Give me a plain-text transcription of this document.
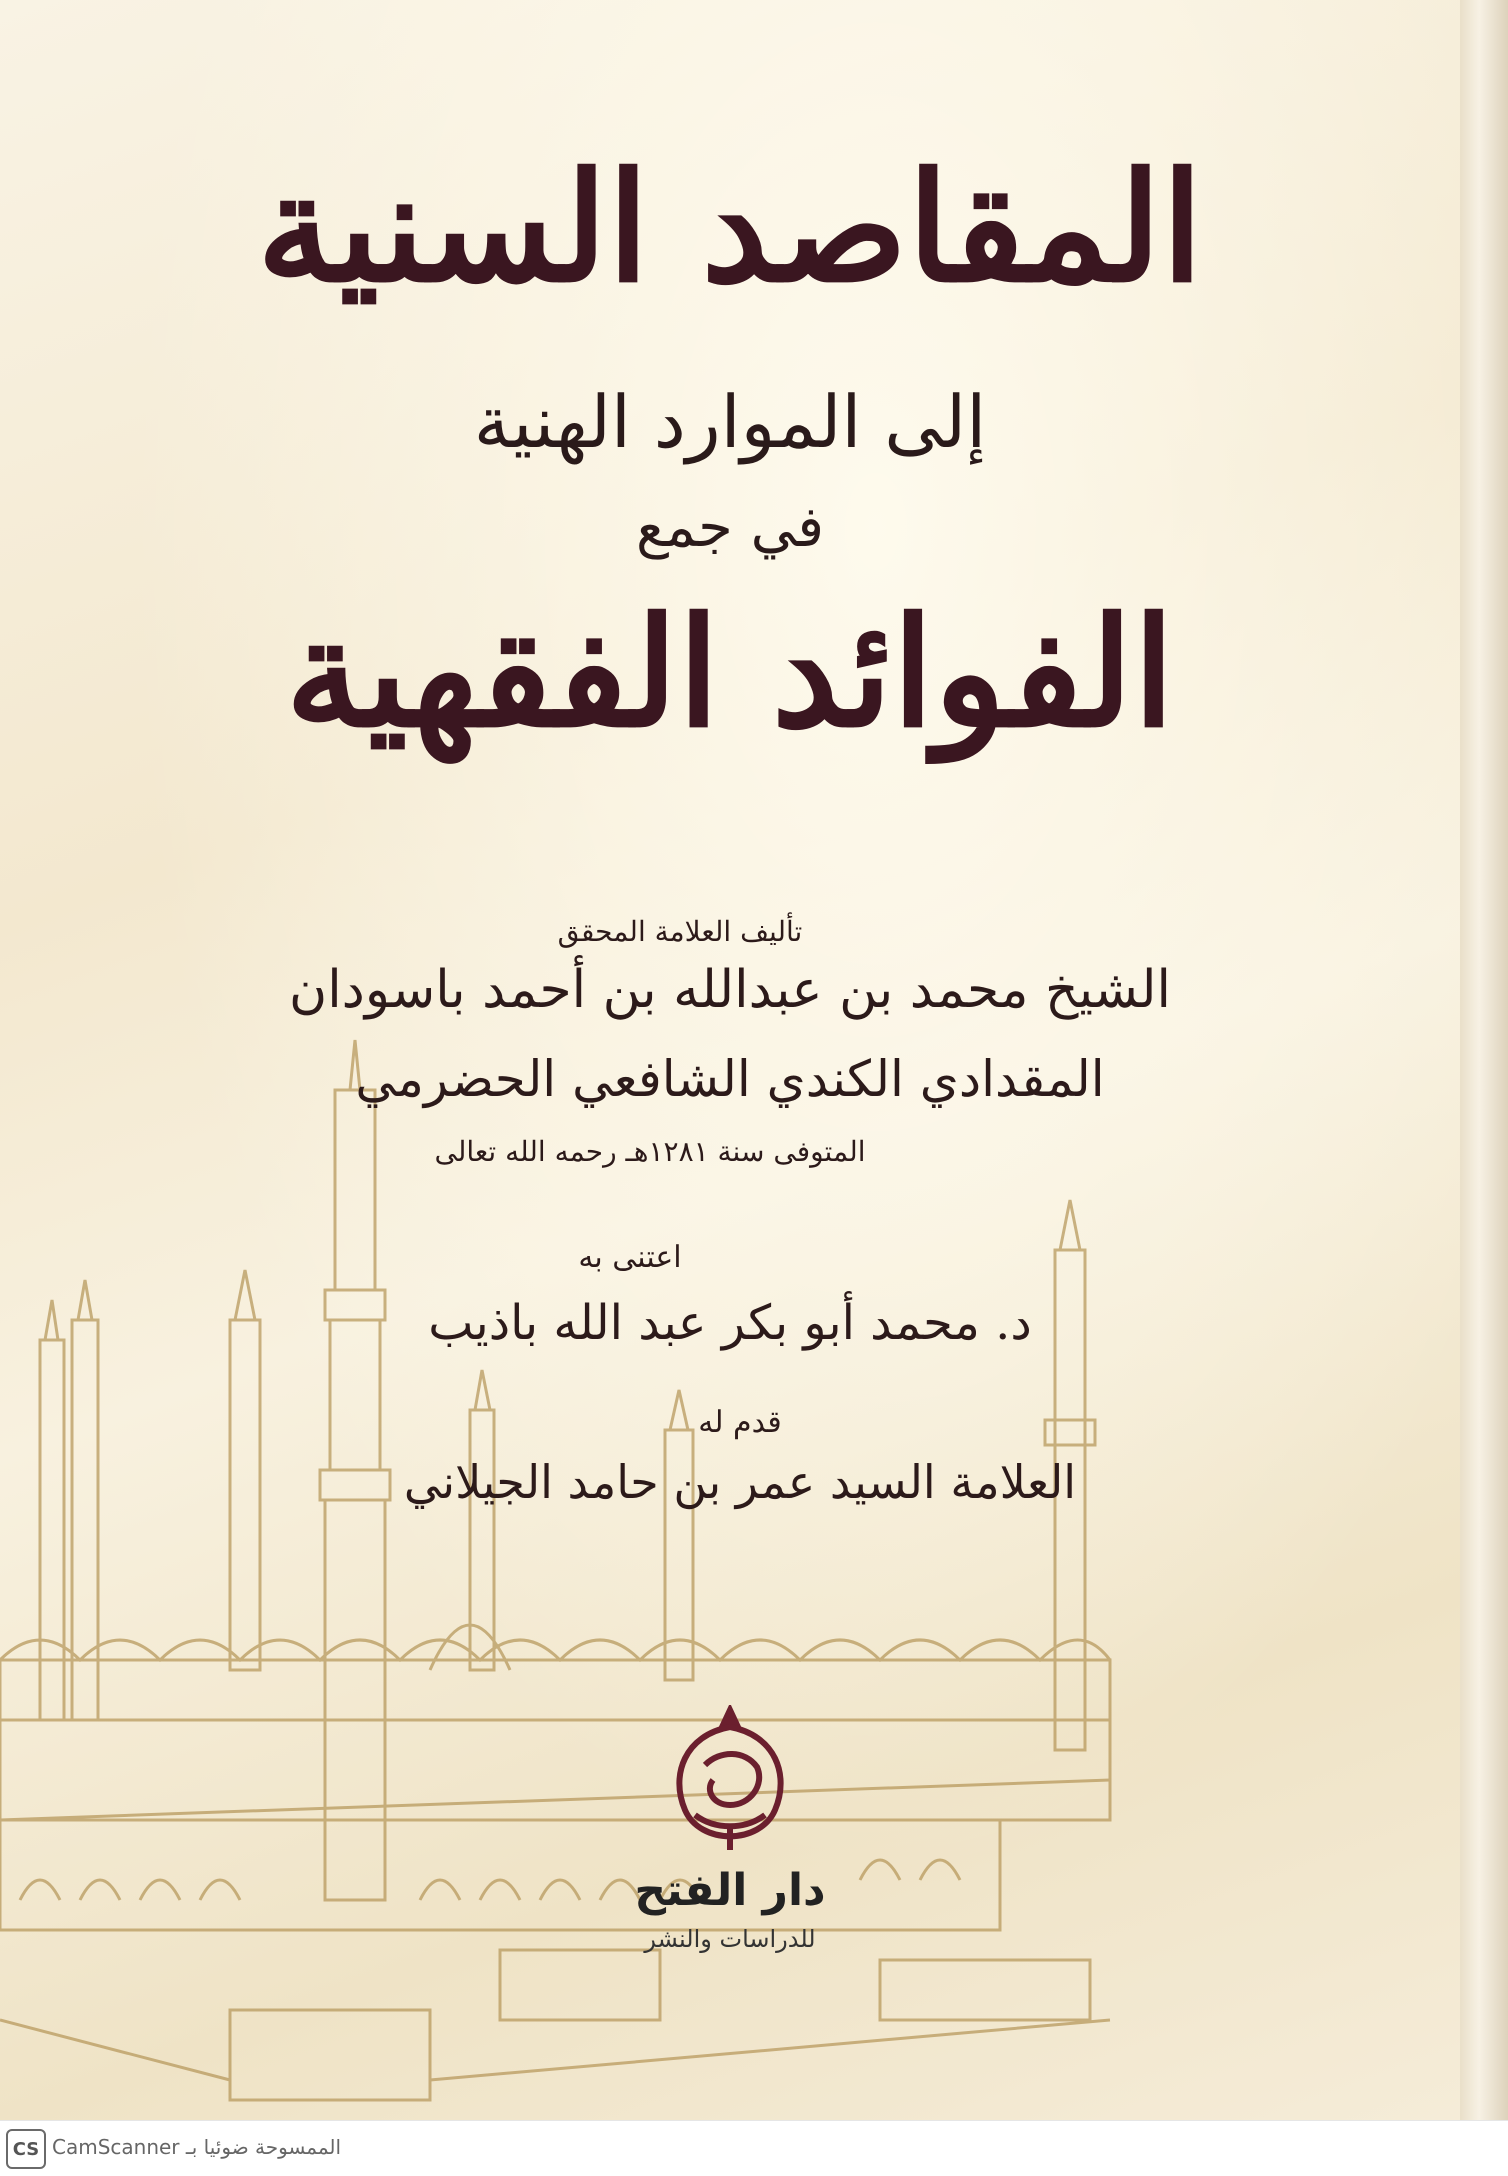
المقاصد السنية
إلى الموارد الهنية
في جمع
الفوائد الفقهية
تأليف العلامة المحقق
الشيخ محمد بن عبدالله بن أحمد باسودان
المقدادي الكندي الشافعي الحضرمي
المتوفى سنة ١٢٨١هـ رحمه الله تعالى
اعتنى به
د. محمد أبو بكر عبد الله باذيب
قدم له
العلامة السيد عمر بن حامد الجيلاني
دار الفتح
للدراسات والنشر
CS الممسوحة ضوئيا بـ CamScanner
